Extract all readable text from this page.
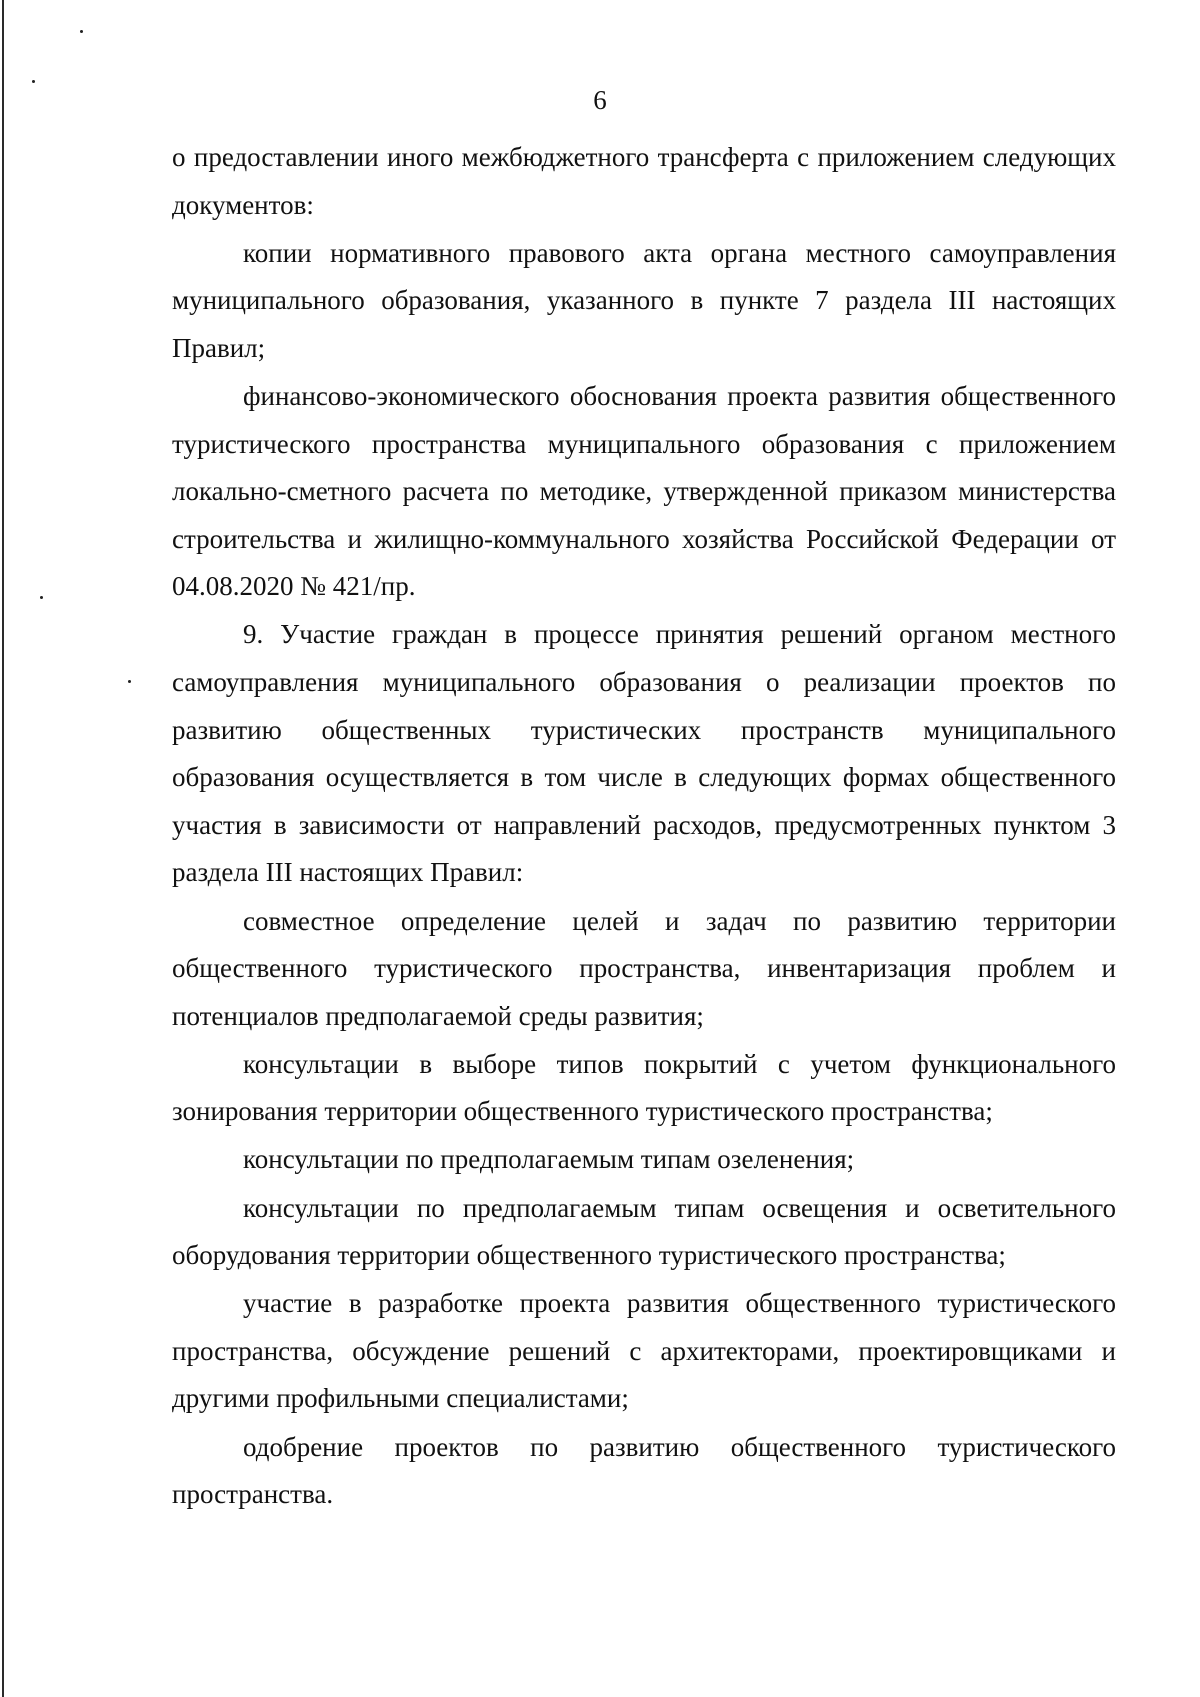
6

о предоставлении иного межбюджетного трансферта с приложением следующих документов:

копии нормативного правового акта органа местного самоуправления муниципального образования, указанного в пункте 7 раздела III настоящих Правил;

финансово-экономического обоснования проекта развития общественного туристического пространства муниципального образования с приложением локально-сметного расчета по методике, утвержденной приказом министерства строительства и жилищно-коммунального хозяйства Российской Федерации от 04.08.2020 № 421/пр.

9. Участие граждан в процессе принятия решений органом местного самоуправления муниципального образования о реализации проектов по развитию общественных туристических пространств муниципального образования осуществляется в том числе в следующих формах общественного участия в зависимости от направлений расходов, предусмотренных пунктом 3 раздела III настоящих Правил:

совместное определение целей и задач по развитию территории общественного туристического пространства, инвентаризация проблем и потенциалов предполагаемой среды развития;

консультации в выборе типов покрытий с учетом функционального зонирования территории общественного туристического пространства;

консультации по предполагаемым типам озеленения;

консультации по предполагаемым типам освещения и осветительного оборудования территории общественного туристического пространства;

участие в разработке проекта развития общественного туристического пространства, обсуждение решений с архитекторами, проектировщиками и другими профильными специалистами;

одобрение проектов по развитию общественного туристического пространства.
